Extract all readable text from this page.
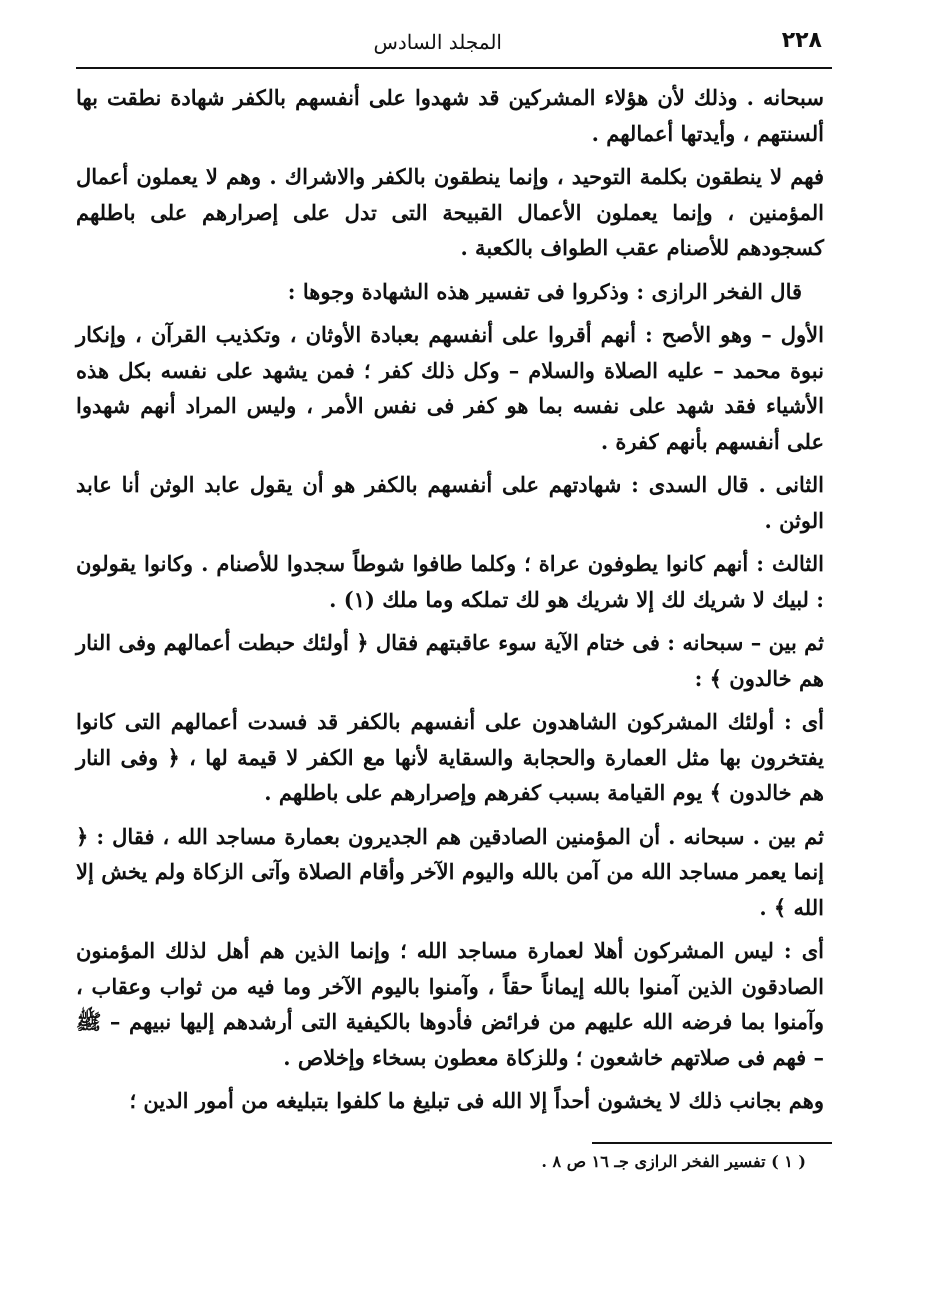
٢٢٨
المجلد السادس

سبحانه . وذلك لأن هؤلاء المشركين قد شهدوا على أنفسهم بالكفر شهادة نطقت بها ألسنتهم ، وأيدتها أعمالهم .

فهم لا ينطقون بكلمة التوحيد ، وإنما ينطقون بالكفر والاشراك . وهم لا يعملون أعمال المؤمنين ، وإنما يعملون الأعمال القبيحة التى تدل على إصرارهم على باطلهم كسجودهم للأصنام عقب الطواف بالكعبة .

قال الفخر الرازى : وذكروا فى تفسير هذه الشهادة وجوها :

الأول – وهو الأصح : أنهم أقروا على أنفسهم بعبادة الأوثان ، وتكذيب القرآن ، وإنكار نبوة محمد – عليه الصلاة والسلام – وكل ذلك كفر ؛ فمن يشهد على نفسه بكل هذه الأشياء فقد شهد على نفسه بما هو كفر فى نفس الأمر ، وليس المراد أنهم شهدوا على أنفسهم بأنهم كفرة .

الثانى . قال السدى : شهادتهم على أنفسهم بالكفر هو أن يقول عابد الوثن أنا عابد الوثن .

الثالث : أنهم كانوا يطوفون عراة ؛ وكلما طافوا شوطاً سجدوا للأصنام . وكانوا يقولون : لبيك لا شريك لك إلا شريك هو لك تملكه وما ملك (١) .

ثم بين – سبحانه : فى ختام الآية سوء عاقبتهم فقال ﴿ أولئك حبطت أعمالهم وفى النار هم خالدون ﴾ :

أى : أولئك المشركون الشاهدون على أنفسهم بالكفر قد فسدت أعمالهم التى كانوا يفتخرون بها مثل العمارة والحجابة والسقاية لأنها مع الكفر لا قيمة لها ، ﴿ وفى النار هم خالدون ﴾ يوم القيامة بسبب كفرهم وإصرارهم على باطلهم .

ثم بين . سبحانه . أن المؤمنين الصادقين هم الجديرون بعمارة مساجد الله ، فقال : ﴿ إنما يعمر مساجد الله من آمن بالله واليوم الآخر وأقام الصلاة وآتى الزكاة ولم يخش إلا الله ﴾ .

أى : ليس المشركون أهلا لعمارة مساجد الله ؛ وإنما الذين هم أهل لذلك المؤمنون الصادقون الذين آمنوا بالله إيماناً حقاً ، وآمنوا باليوم الآخر وما فيه من ثواب وعقاب ، وآمنوا بما فرضه الله عليهم من فرائض فأدوها بالكيفية التى أرشدهم إليها نبيهم – ﷺ – فهم فى صلاتهم خاشعون ؛ وللزكاة معطون بسخاء وإخلاص .

وهم بجانب ذلك لا يخشون أحداً إلا الله فى تبليغ ما كلفوا بتبليغه من أمور الدين ؛

( ١ ) تفسير الفخر الرازى جـ ١٦ ص ٨ .
